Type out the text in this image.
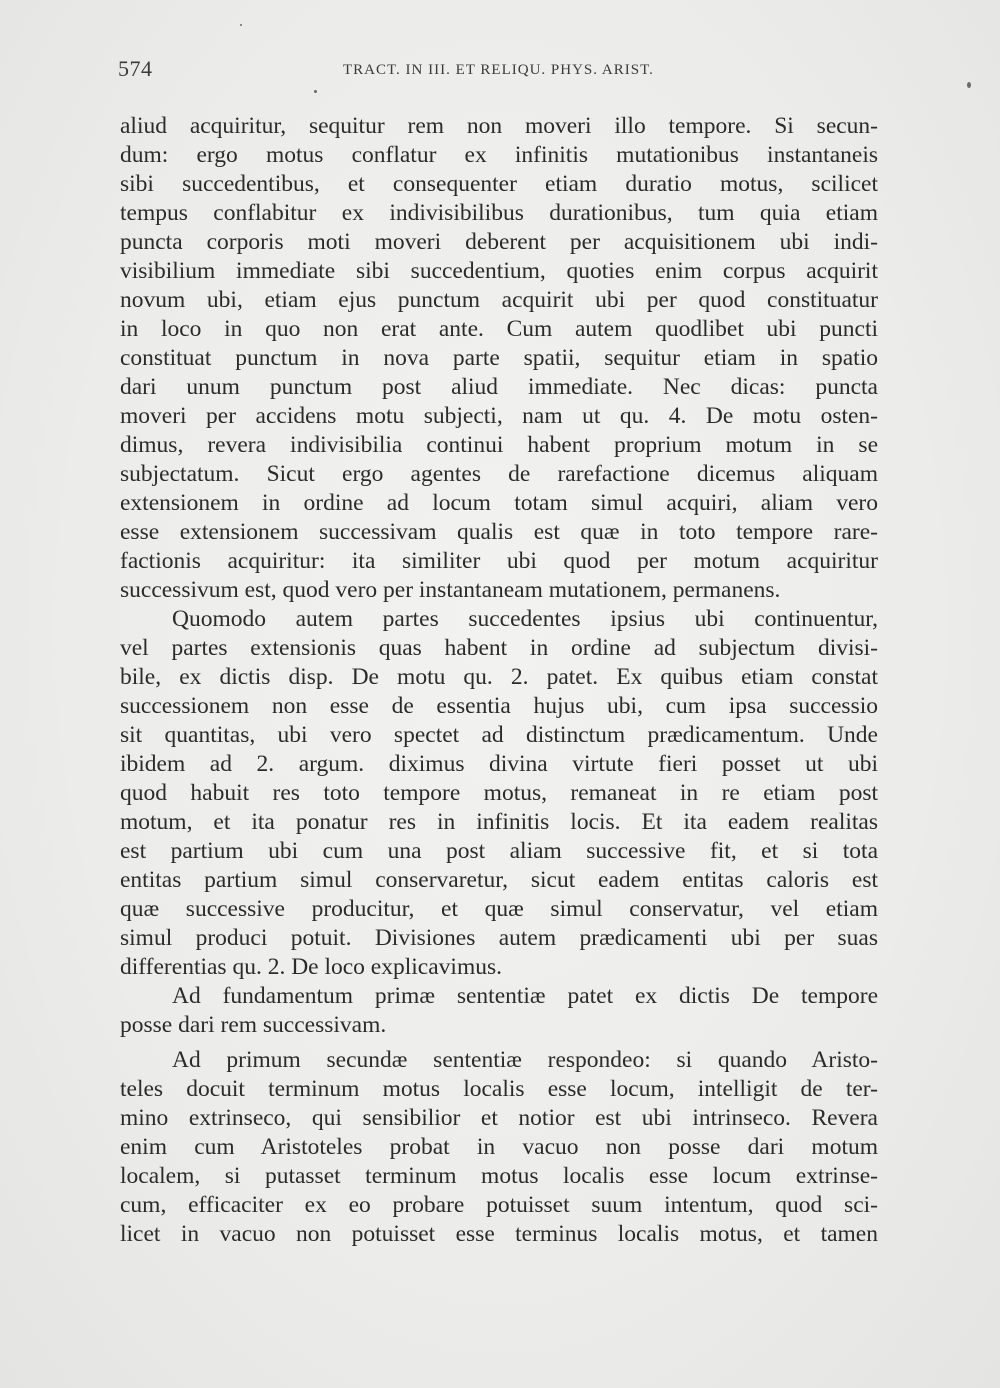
574	TRACT. IN III. ET RELIQU. PHYS. ARIST.
aliud acquiritur, sequitur rem non moveri illo tempore. Si secun-
dum: ergo motus conflatur ex infinitis mutationibus instantaneis
sibi succedentibus, et consequenter etiam duratio motus, scilicet
tempus conflabitur ex indivisibilibus durationibus, tum quia etiam
puncta corporis moti moveri deberent per acquisitionem ubi indi-
visibilium immediate sibi succedentium, quoties enim corpus acquirit
novum ubi, etiam ejus punctum acquirit ubi per quod constituatur
in loco in quo non erat ante. Cum autem quodlibet ubi puncti
constituat punctum in nova parte spatii, sequitur etiam in spatio
dari unum punctum post aliud immediate. Nec dicas: puncta
moveri per accidens motu subjecti, nam ut qu. 4. De motu osten-
dimus, revera indivisibilia continui habent proprium motum in se
subjectatum. Sicut ergo agentes de rarefactione dicemus aliquam
extensionem in ordine ad locum totam simul acquiri, aliam vero
esse extensionem successivam qualis est quæ in toto tempore rare-
factionis acquiritur: ita similiter ubi quod per motum acquiritur
successivum est, quod vero per instantaneam mutationem, permanens.
Quomodo autem partes succedentes ipsius ubi continuentur,
vel partes extensionis quas habent in ordine ad subjectum divisi-
bile, ex dictis disp. De motu qu. 2. patet. Ex quibus etiam constat
successionem non esse de essentia hujus ubi, cum ipsa successio
sit quantitas, ubi vero spectet ad distinctum prædicamentum. Unde
ibidem ad 2. argum. diximus divina virtute fieri posset ut ubi
quod habuit res toto tempore motus, remaneat in re etiam post
motum, et ita ponatur res in infinitis locis. Et ita eadem realitas
est partium ubi cum una post aliam successive fit, et si tota
entitas partium simul conservaretur, sicut eadem entitas caloris est
quæ successive producitur, et quæ simul conservatur, vel etiam
simul produci potuit. Divisiones autem prædicamenti ubi per suas
differentias qu. 2. De loco explicavimus.
Ad fundamentum primæ sententiæ patet ex dictis De tempore
posse dari rem successivam.
Ad primum secundæ sententiæ respondeo: si quando Aristo-
teles docuit terminum motus localis esse locum, intelligit de ter-
mino extrinseco, qui sensibilior et notior est ubi intrinseco. Revera
enim cum Aristoteles probat in vacuo non posse dari motum
localem, si putasset terminum motus localis esse locum extrinse-
cum, efficaciter ex eo probare potuisset suum intentum, quod sci-
licet in vacuo non potuisset esse terminus localis motus, et tamen
